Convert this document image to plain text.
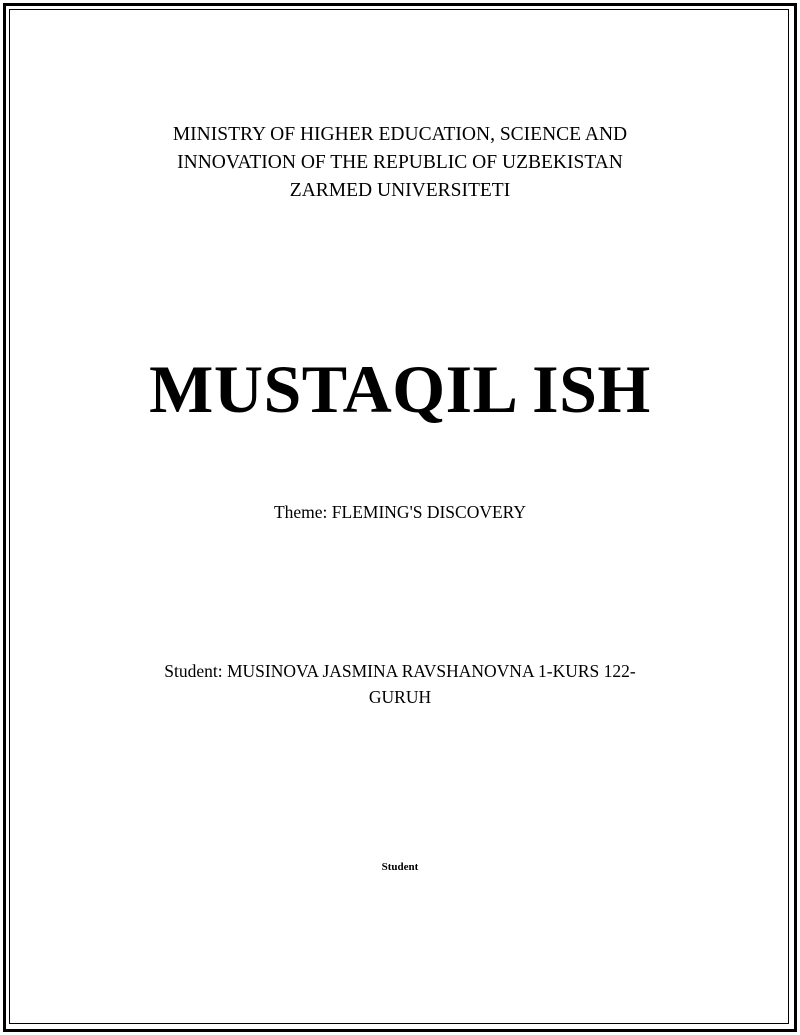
MINISTRY OF HIGHER EDUCATION, SCIENCE AND
INNOVATION OF THE REPUBLIC OF UZBEKISTAN
ZARMED UNIVERSITETI
MUSTAQIL ISH
Theme: FLEMING'S DISCOVERY
Student: MUSINOVA JASMINA RAVSHANOVNA 1-KURS 122-
GURUH
Student
